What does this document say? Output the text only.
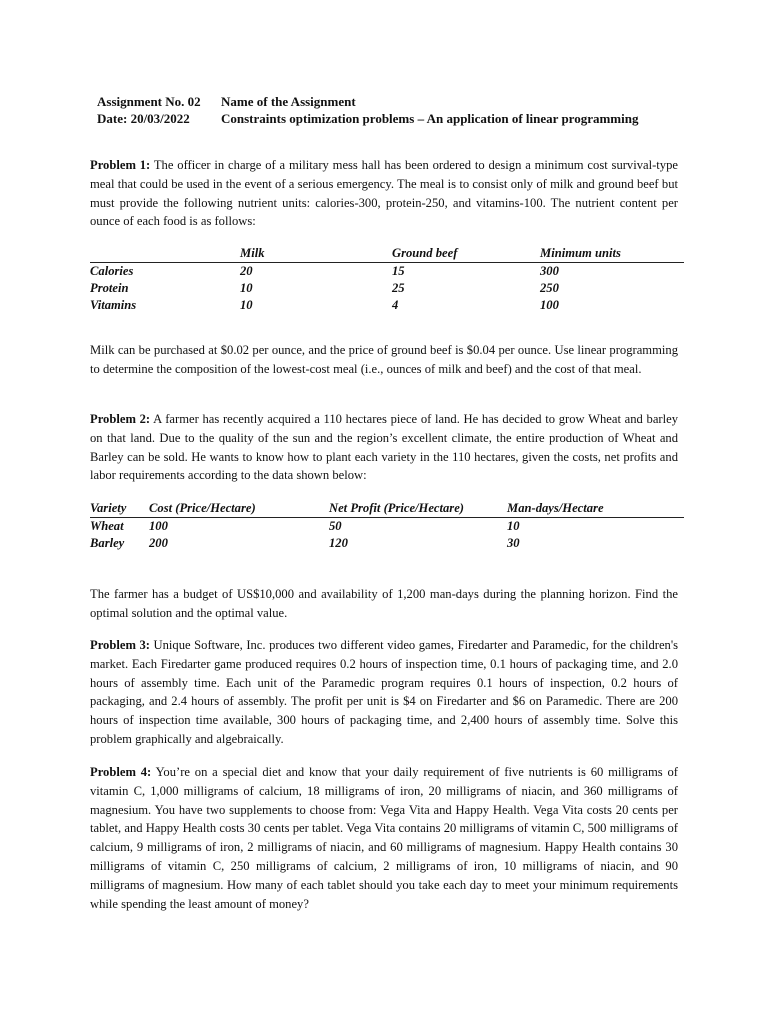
Assignment No. 02	Name of the Assignment
Date: 20/03/2022	Constraints optimization problems – An application of linear programming
Problem 1: The officer in charge of a military mess hall has been ordered to design a minimum cost survival-type meal that could be used in the event of a serious emergency. The meal is to consist only of milk and ground beef but must provide the following nutrient units: calories-300, protein-250, and vitamins-100. The nutrient content per ounce of each food is as follows:
	Milk	Ground beef	Minimum units
Calories	20	15	300
Protein	10	25	250
Vitamins	10	4	100
Milk can be purchased at $0.02 per ounce, and the price of ground beef is $0.04 per ounce. Use linear programming to determine the composition of the lowest-cost meal (i.e., ounces of milk and beef) and the cost of that meal.
Problem 2: A farmer has recently acquired a 110 hectares piece of land. He has decided to grow Wheat and barley on that land. Due to the quality of the sun and the region’s excellent climate, the entire production of Wheat and Barley can be sold. He wants to know how to plant each variety in the 110 hectares, given the costs, net profits and labor requirements according to the data shown below:
Variety	Cost (Price/Hectare)	Net Profit (Price/Hectare)	Man-days/Hectare
Wheat	100	50	10
Barley	200	120	30
The farmer has a budget of US$10,000 and availability of 1,200 man-days during the planning horizon. Find the optimal solution and the optimal value.
Problem 3: Unique Software, Inc. produces two different video games, Firedarter and Paramedic, for the children's market. Each Firedarter game produced requires 0.2 hours of inspection time, 0.1 hours of packaging time, and 2.0 hours of assembly time. Each unit of the Paramedic program requires 0.1 hours of inspection, 0.2 hours of packaging, and 2.4 hours of assembly. The profit per unit is $4 on Firedarter and $6 on Paramedic. There are 200 hours of inspection time available, 300 hours of packaging time, and 2,400 hours of assembly time. Solve this problem graphically and algebraically.
Problem 4: You’re on a special diet and know that your daily requirement of five nutrients is 60 milligrams of vitamin C, 1,000 milligrams of calcium, 18 milligrams of iron, 20 milligrams of niacin, and 360 milligrams of magnesium. You have two supplements to choose from: Vega Vita and Happy Health. Vega Vita costs 20 cents per tablet, and Happy Health costs 30 cents per tablet. Vega Vita contains 20 milligrams of vitamin C, 500 milligrams of calcium, 9 milligrams of iron, 2 milligrams of niacin, and 60 milligrams of magnesium. Happy Health contains 30 milligrams of vitamin C, 250 milligrams of calcium, 2 milligrams of iron, 10 milligrams of niacin, and 90 milligrams of magnesium. How many of each tablet should you take each day to meet your minimum requirements while spending the least amount of money?
